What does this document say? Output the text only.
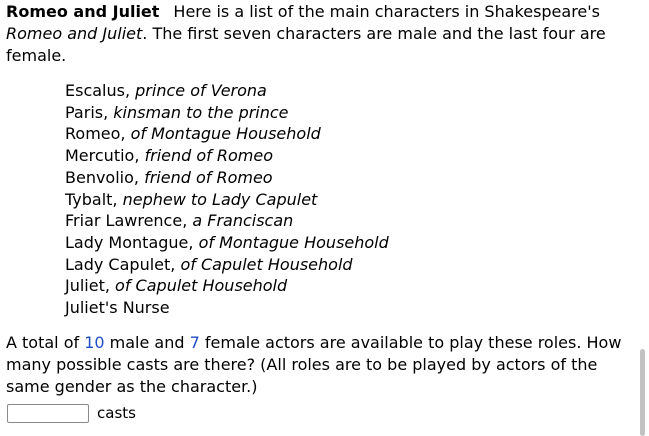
Romeo and Juliet Here is a list of the main characters in Shakespeare's Romeo and Juliet. The first seven characters are male and the last four are female.

Escalus, prince of Verona
Paris, kinsman to the prince
Romeo, of Montague Household
Mercutio, friend of Romeo
Benvolio, friend of Romeo
Tybalt, nephew to Lady Capulet
Friar Lawrence, a Franciscan
Lady Montague, of Montague Household
Lady Capulet, of Capulet Household
Juliet, of Capulet Household
Juliet's Nurse

A total of 10 male and 7 female actors are available to play these roles. How many possible casts are there? (All roles are to be played by actors of the same gender as the character.)

casts
